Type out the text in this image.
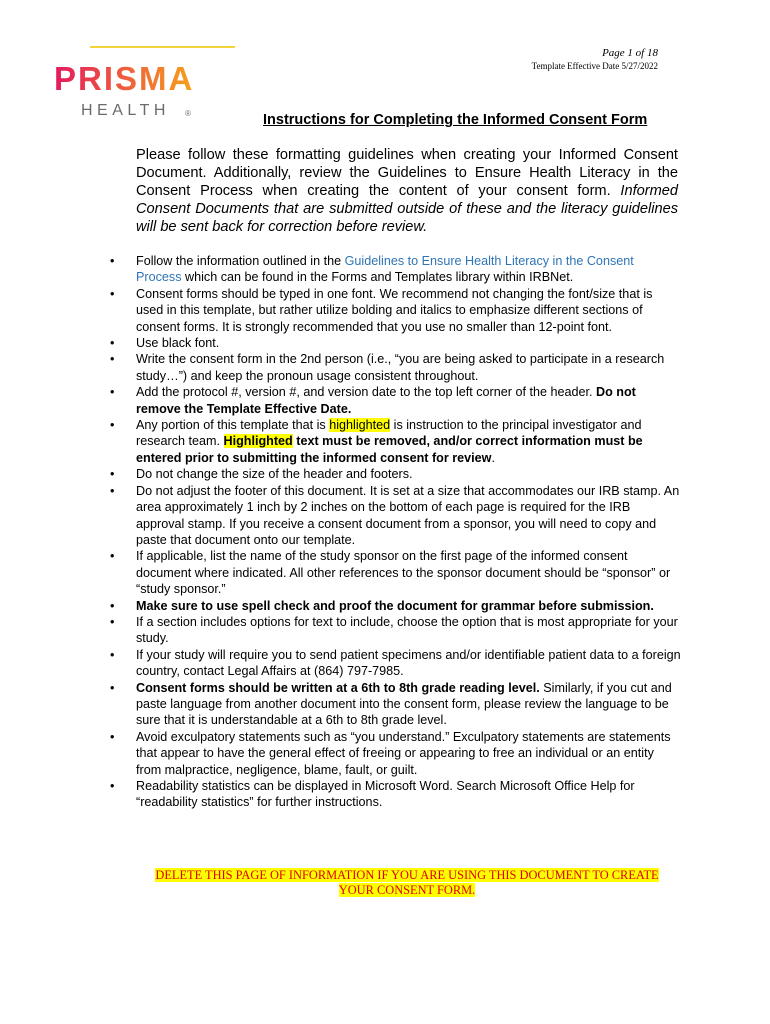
PRISMA
HEALTH ®
Page 1 of 18
Template Effective Date 5/27/2022
Instructions for Completing the Informed Consent Form
Please follow these formatting guidelines when creating your Informed Consent Document. Additionally, review the Guidelines to Ensure Health Literacy in the Consent Process when creating the content of your consent form. Informed Consent Documents that are submitted outside of these and the literacy guidelines will be sent back for correction before review.
• Follow the information outlined in the Guidelines to Ensure Health Literacy in the Consent Process which can be found in the Forms and Templates library within IRBNet.
• Consent forms should be typed in one font. We recommend not changing the font/size that is used in this template, but rather utilize bolding and italics to emphasize different sections of consent forms. It is strongly recommended that you use no smaller than 12-point font.
• Use black font.
• Write the consent form in the 2nd person (i.e., “you are being asked to participate in a research study…”) and keep the pronoun usage consistent throughout.
• Add the protocol #, version #, and version date to the top left corner of the header. Do not remove the Template Effective Date.
• Any portion of this template that is highlighted is instruction to the principal investigator and research team. Highlighted text must be removed, and/or correct information must be entered prior to submitting the informed consent for review.
• Do not change the size of the header and footers.
• Do not adjust the footer of this document. It is set at a size that accommodates our IRB stamp. An area approximately 1 inch by 2 inches on the bottom of each page is required for the IRB approval stamp. If you receive a consent document from a sponsor, you will need to copy and paste that document onto our template.
• If applicable, list the name of the study sponsor on the first page of the informed consent document where indicated. All other references to the sponsor document should be “sponsor” or “study sponsor.”
• Make sure to use spell check and proof the document for grammar before submission.
• If a section includes options for text to include, choose the option that is most appropriate for your study.
• If your study will require you to send patient specimens and/or identifiable patient data to a foreign country, contact Legal Affairs at (864) 797-7985.
• Consent forms should be written at a 6th to 8th grade reading level. Similarly, if you cut and paste language from another document into the consent form, please review the language to be sure that it is understandable at a 6th to 8th grade level.
• Avoid exculpatory statements such as “you understand.” Exculpatory statements are statements that appear to have the general effect of freeing or appearing to free an individual or an entity from malpractice, negligence, blame, fault, or guilt.
• Readability statistics can be displayed in Microsoft Word. Search Microsoft Office Help for “readability statistics” for further instructions.
DELETE THIS PAGE OF INFORMATION IF YOU ARE USING THIS DOCUMENT TO CREATE
YOUR CONSENT FORM.
